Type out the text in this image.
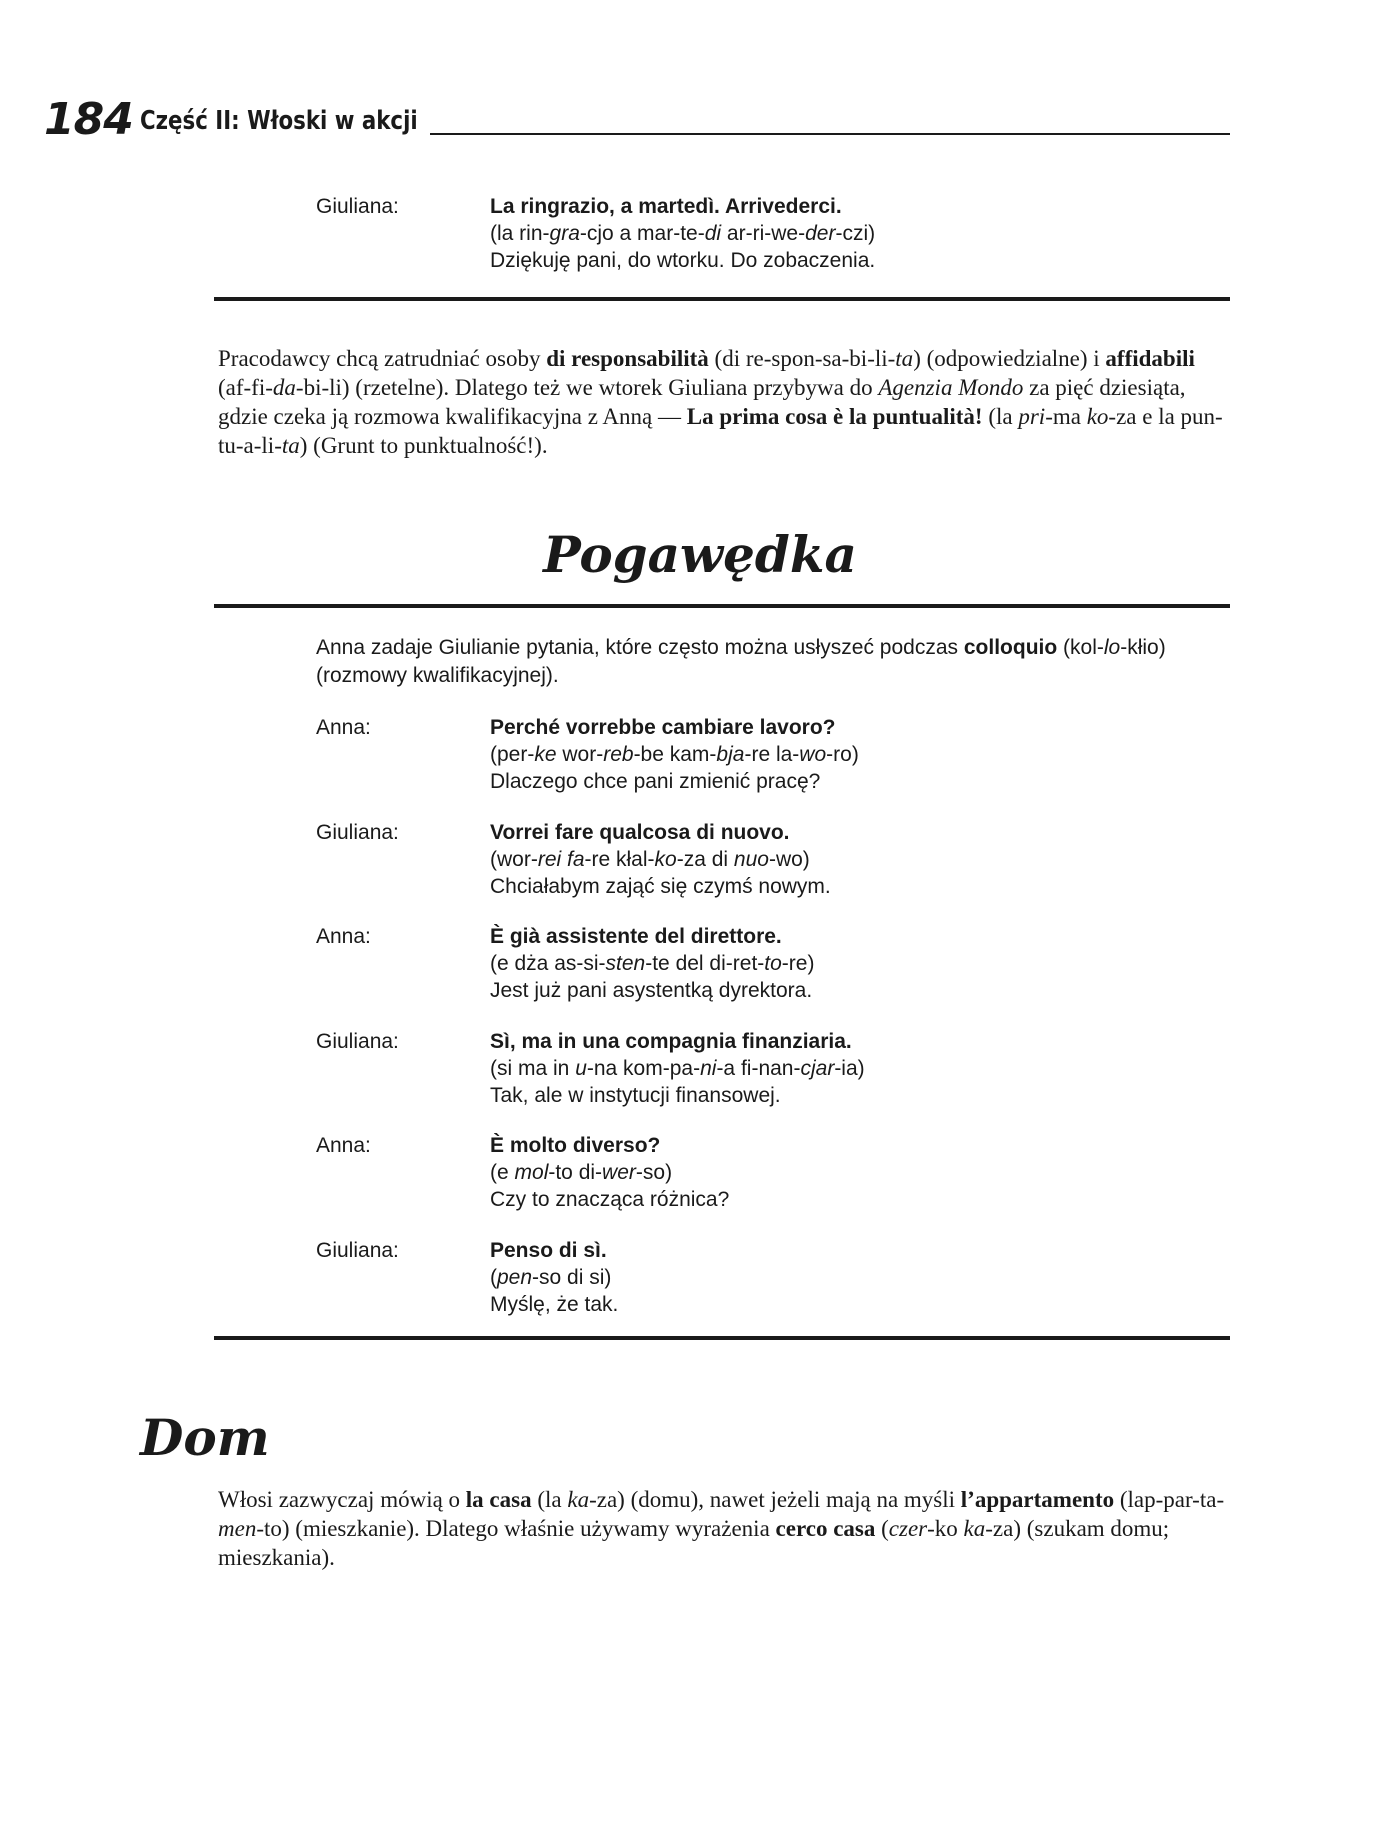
184 Część II: Włoski w akcji
Giuliana:	La ringrazio, a martedì. Arrivederci.
(la rin-gra-cjo a mar-te-di ar-ri-we-der-czi)
Dziękuję pani, do wtorku. Do zobaczenia.
Pracodawcy chcą zatrudniać osoby di responsabilità (di re-spon-sa-bi-li-ta) (odpowiedzialne) i affidabili (af-fi-da-bi-li) (rzetelne). Dlatego też we wtorek Giuliana przybywa do Agenzia Mondo za pięć dziesiąta, gdzie czeka ją rozmowa kwalifikacyjna z Anną — La prima cosa è la puntualità! (la pri-ma ko-za e la pun-tu-a-li-ta) (Grunt to punktualność!).
Pogawędka
Anna zadaje Giulianie pytania, które często można usłyszeć podczas colloquio (kol-lo-kłio) (rozmowy kwalifikacyjnej).
Anna:	Perché vorrebbe cambiare lavoro?
(per-ke wor-reb-be kam-bja-re la-wo-ro)
Dlaczego chce pani zmienić pracę?
Giuliana:	Vorrei fare qualcosa di nuovo.
(wor-rei fa-re kłal-ko-za di nuo-wo)
Chciałabym zająć się czymś nowym.
Anna:	È già assistente del direttore.
(e dża as-si-sten-te del di-ret-to-re)
Jest już pani asystentką dyrektora.
Giuliana:	Sì, ma in una compagnia finanziaria.
(si ma in u-na kom-pa-ni-a fi-nan-cjar-ia)
Tak, ale w instytucji finansowej.
Anna:	È molto diverso?
(e mol-to di-wer-so)
Czy to znacząca różnica?
Giuliana:	Penso di sì.
(pen-so di si)
Myślę, że tak.
Dom
Włosi zazwyczaj mówią o la casa (la ka-za) (domu), nawet jeżeli mają na myśli l’appartamento (lap-par-ta-men-to) (mieszkanie). Dlatego właśnie używamy wyrażenia cerco casa (czer-ko ka-za) (szukam domu; mieszkania).
